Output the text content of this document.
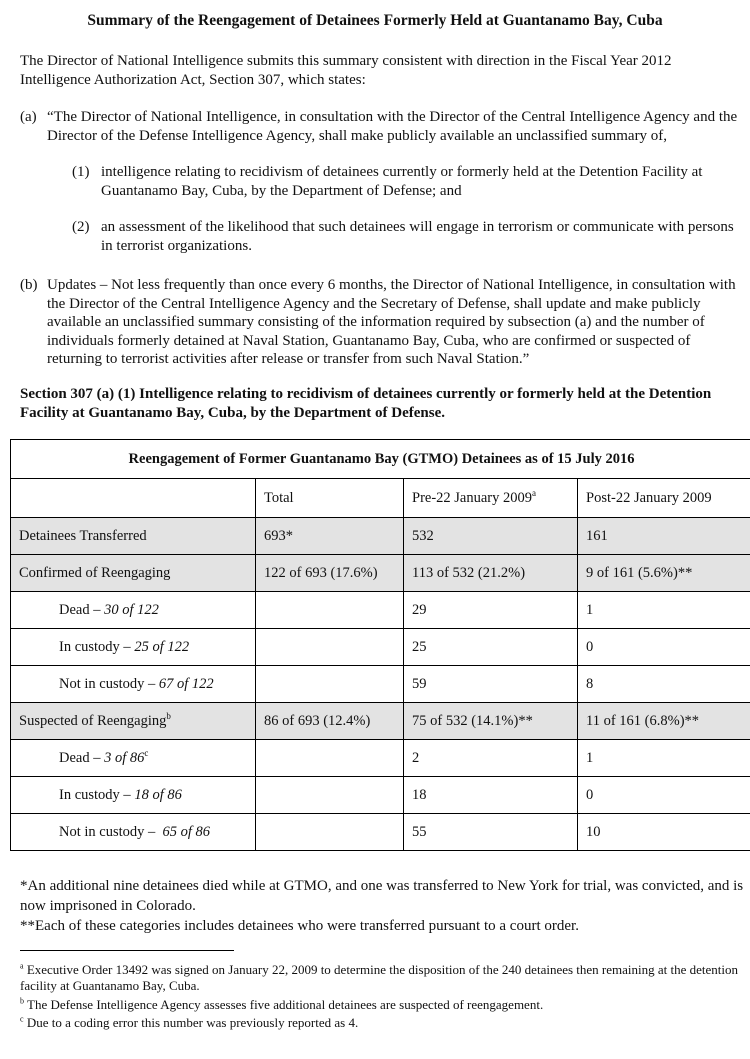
Summary of the Reengagement of Detainees Formerly Held at Guantanamo Bay, Cuba
The Director of National Intelligence submits this summary consistent with direction in the Fiscal Year 2012 Intelligence Authorization Act, Section 307, which states:
(a) “The Director of National Intelligence, in consultation with the Director of the Central Intelligence Agency and the Director of the Defense Intelligence Agency, shall make publicly available an unclassified summary of,
(1) intelligence relating to recidivism of detainees currently or formerly held at the Detention Facility at Guantanamo Bay, Cuba, by the Department of Defense; and
(2) an assessment of the likelihood that such detainees will engage in terrorism or communicate with persons in terrorist organizations.
(b) Updates – Not less frequently than once every 6 months, the Director of National Intelligence, in consultation with the Director of the Central Intelligence Agency and the Secretary of Defense, shall update and make publicly available an unclassified summary consisting of the information required by subsection (a) and the number of individuals formerly detained at Naval Station, Guantanamo Bay, Cuba, who are confirmed or suspected of returning to terrorist activities after release or transfer from such Naval Station.”
Section 307 (a) (1) Intelligence relating to recidivism of detainees currently or formerly held at the Detention Facility at Guantanamo Bay, Cuba, by the Department of Defense.
Reengagement of Former Guantanamo Bay (GTMO) Detainees as of 15 July 2016			
	Total	Pre-22 January 2009$^a$	Post-22 January 2009
Detainees Transferred	693*	532	161
Confirmed of Reengaging	122 of 693 (17.6%)	113 of 532 (21.2%)	9 of 161 (5.6%)**
Dead – 30 of 122		29	1
In custody – 25 of 122		25	0
Not in custody – 67 of 122		59	8
Suspected of Reengaging$^b$	86 of 693 (12.4%)	75 of 532 (14.1%)**	11 of 161 (6.8%)**
Dead – 3 of 86$^c$		2	1
In custody – 18 of 86		18	0
Not in custody –  65 of 86		55	10
*An additional nine detainees died while at GTMO, and one was transferred to New York for trial, was convicted, and is now imprisoned in Colorado.
**Each of these categories includes detainees who were transferred pursuant to a court order.
$^a$ Executive Order 13492 was signed on January 22, 2009 to determine the disposition of the 240 detainees then remaining at the detention facility at Guantanamo Bay, Cuba.
$^b$ The Defense Intelligence Agency assesses five additional detainees are suspected of reengagement.
$^c$ Due to a coding error this number was previously reported as 4.
